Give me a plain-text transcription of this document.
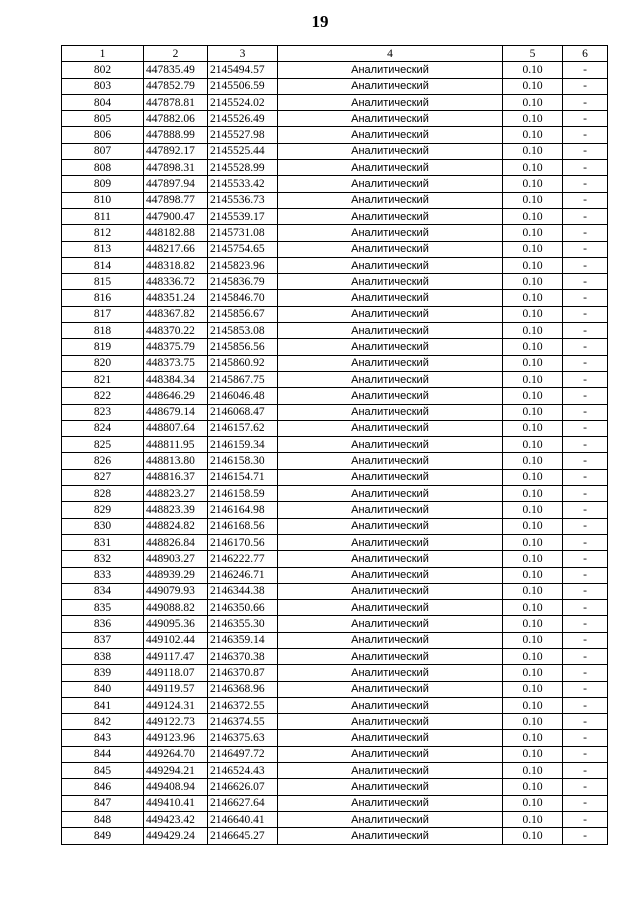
19
1	2	3	4	5	6
802	447835.49	2145494.57	Аналитический	0.10	-
803	447852.79	2145506.59	Аналитический	0.10	-
804	447878.81	2145524.02	Аналитический	0.10	-
805	447882.06	2145526.49	Аналитический	0.10	-
806	447888.99	2145527.98	Аналитический	0.10	-
807	447892.17	2145525.44	Аналитический	0.10	-
808	447898.31	2145528.99	Аналитический	0.10	-
809	447897.94	2145533.42	Аналитический	0.10	-
810	447898.77	2145536.73	Аналитический	0.10	-
811	447900.47	2145539.17	Аналитический	0.10	-
812	448182.88	2145731.08	Аналитический	0.10	-
813	448217.66	2145754.65	Аналитический	0.10	-
814	448318.82	2145823.96	Аналитический	0.10	-
815	448336.72	2145836.79	Аналитический	0.10	-
816	448351.24	2145846.70	Аналитический	0.10	-
817	448367.82	2145856.67	Аналитический	0.10	-
818	448370.22	2145853.08	Аналитический	0.10	-
819	448375.79	2145856.56	Аналитический	0.10	-
820	448373.75	2145860.92	Аналитический	0.10	-
821	448384.34	2145867.75	Аналитический	0.10	-
822	448646.29	2146046.48	Аналитический	0.10	-
823	448679.14	2146068.47	Аналитический	0.10	-
824	448807.64	2146157.62	Аналитический	0.10	-
825	448811.95	2146159.34	Аналитический	0.10	-
826	448813.80	2146158.30	Аналитический	0.10	-
827	448816.37	2146154.71	Аналитический	0.10	-
828	448823.27	2146158.59	Аналитический	0.10	-
829	448823.39	2146164.98	Аналитический	0.10	-
830	448824.82	2146168.56	Аналитический	0.10	-
831	448826.84	2146170.56	Аналитический	0.10	-
832	448903.27	2146222.77	Аналитический	0.10	-
833	448939.29	2146246.71	Аналитический	0.10	-
834	449079.93	2146344.38	Аналитический	0.10	-
835	449088.82	2146350.66	Аналитический	0.10	-
836	449095.36	2146355.30	Аналитический	0.10	-
837	449102.44	2146359.14	Аналитический	0.10	-
838	449117.47	2146370.38	Аналитический	0.10	-
839	449118.07	2146370.87	Аналитический	0.10	-
840	449119.57	2146368.96	Аналитический	0.10	-
841	449124.31	2146372.55	Аналитический	0.10	-
842	449122.73	2146374.55	Аналитический	0.10	-
843	449123.96	2146375.63	Аналитический	0.10	-
844	449264.70	2146497.72	Аналитический	0.10	-
845	449294.21	2146524.43	Аналитический	0.10	-
846	449408.94	2146626.07	Аналитический	0.10	-
847	449410.41	2146627.64	Аналитический	0.10	-
848	449423.42	2146640.41	Аналитический	0.10	-
849	449429.24	2146645.27	Аналитический	0.10	-
